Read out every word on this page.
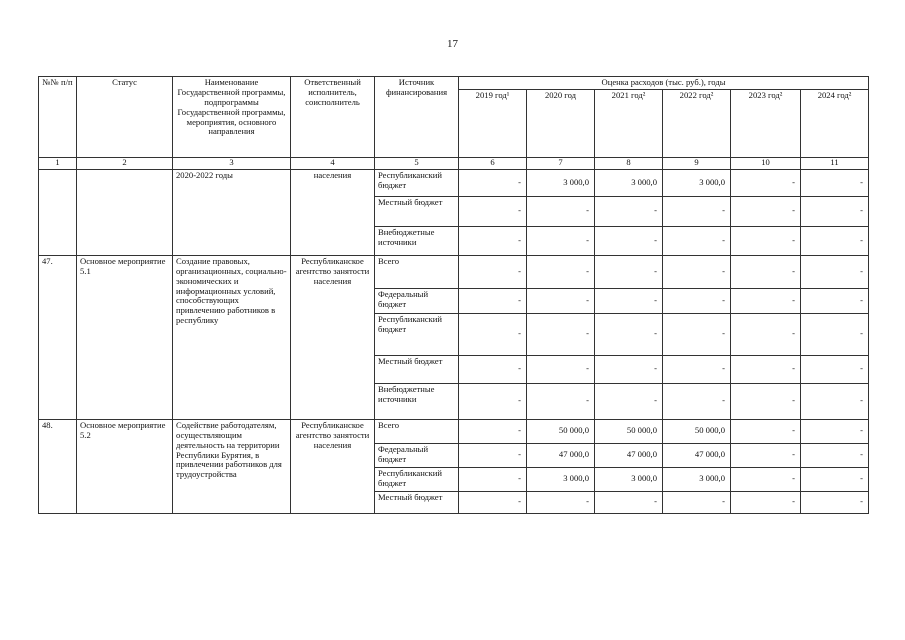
17
№№ п/п	Статус	Наименование Государственной программы, подпрограммы Государственной программы, мероприятия, основного направления	Ответственный исполнитель, соисполнитель	Источник финансирования	Оценка расходов (тыс. руб.), годы					
					2019 год¹	2020 год	2021 год²	2022 год²	2023 год²	2024 год²
1	2	3	4	5	6	7	8	9	10	11
		2020-2022 годы	населения	Республиканский бюджет	-	3 000,0	3 000,0	3 000,0	-	-
				Местный бюджет	-	-	-	-	-	-
				Внебюджетные источники	-	-	-	-	-	-
47.	Основное мероприятие 5.1	Создание правовых, организационных, социально-экономических и информационных условий, способствующих привлечению работников в республику	Республиканское агентство занятости населения	Всего	-	-	-	-	-	-
				Федеральный бюджет	-	-	-	-	-	-
				Республиканский бюджет	-	-	-	-	-	-
				Местный бюджет	-	-	-	-	-	-
				Внебюджетные источники	-	-	-	-	-	-
48.	Основное мероприятие 5.2	Содействие работодателям, осуществляющим деятельность на территории Республики Бурятия, в привлечении работников для трудоустройства	Республиканское агентство занятости населения	Всего	-	50 000,0	50 000,0	50 000,0	-	-
				Федеральный бюджет	-	47 000,0	47 000,0	47 000,0	-	-
				Республиканский бюджет	-	3 000,0	3 000,0	3 000,0	-	-
				Местный бюджет	-	-	-	-	-	-
